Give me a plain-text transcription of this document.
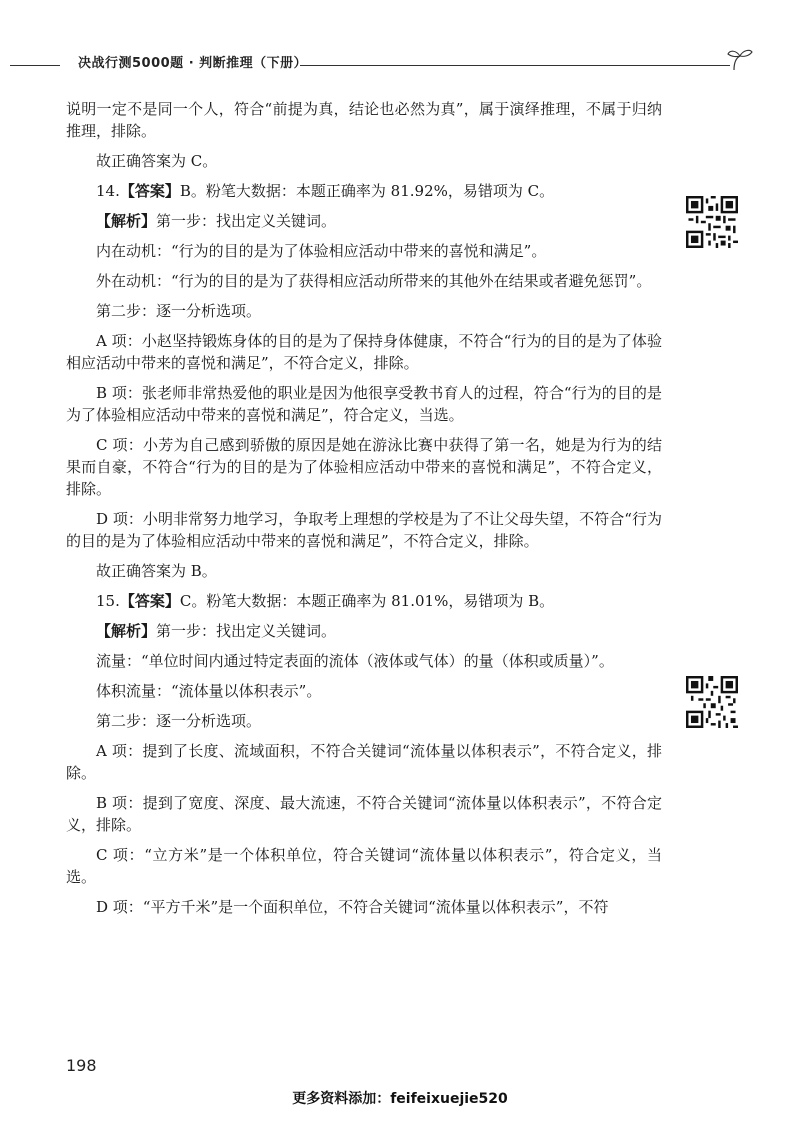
决战行测5000题 · 判断推理（下册）

说明一定不是同一个人，符合“前提为真，结论也必然为真”，属于演绎推理，不属于归纳推理，排除。

故正确答案为 C。

14.【答案】B。粉笔大数据：本题正确率为 81.92%，易错项为 C。

【解析】第一步：找出定义关键词。

内在动机：“行为的目的是为了体验相应活动中带来的喜悦和满足”。

外在动机：“行为的目的是为了获得相应活动所带来的其他外在结果或者避免惩罚”。

第二步：逐一分析选项。

A 项：小赵坚持锻炼身体的目的是为了保持身体健康，不符合“行为的目的是为了体验相应活动中带来的喜悦和满足”，不符合定义，排除。

B 项：张老师非常热爱他的职业是因为他很享受教书育人的过程，符合“行为的目的是为了体验相应活动中带来的喜悦和满足”，符合定义，当选。

C 项：小芳为自己感到骄傲的原因是她在游泳比赛中获得了第一名，她是为行为的结果而自豪，不符合“行为的目的是为了体验相应活动中带来的喜悦和满足”，不符合定义，排除。

D 项：小明非常努力地学习，争取考上理想的学校是为了不让父母失望，不符合“行为的目的是为了体验相应活动中带来的喜悦和满足”，不符合定义，排除。

故正确答案为 B。

15.【答案】C。粉笔大数据：本题正确率为 81.01%，易错项为 B。

【解析】第一步：找出定义关键词。

流量：“单位时间内通过特定表面的流体（液体或气体）的量（体积或质量）”。

体积流量：“流体量以体积表示”。

第二步：逐一分析选项。

A 项：提到了长度、流域面积，不符合关键词“流体量以体积表示”，不符合定义，排除。

B 项：提到了宽度、深度、最大流速，不符合关键词“流体量以体积表示”，不符合定义，排除。

C 项：“立方米”是一个体积单位，符合关键词“流体量以体积表示”，符合定义，当选。

D 项：“平方千米”是一个面积单位，不符合关键词“流体量以体积表示”，不符

198
更多资料添加：feifeixuejie520
